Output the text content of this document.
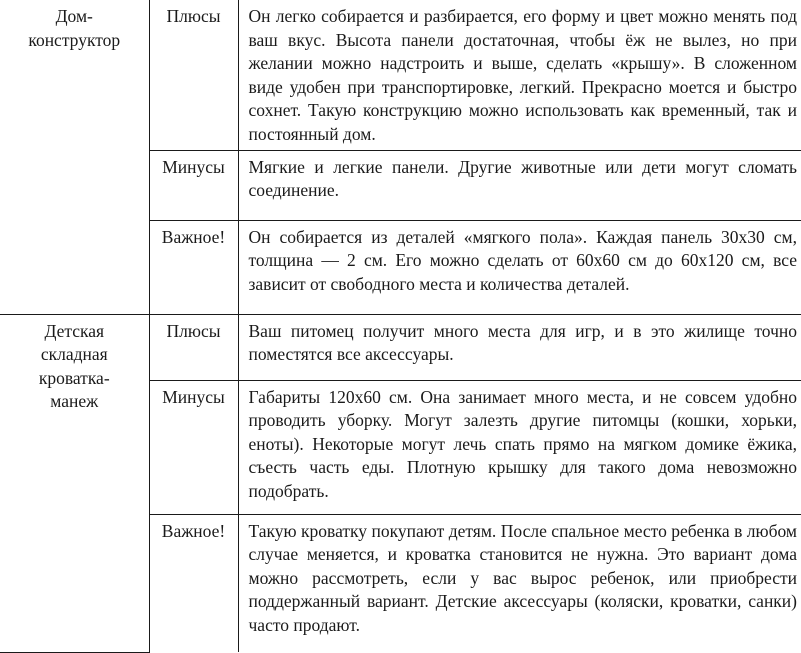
Дом-
конструктор	Плюсы	Он легко собирается и разбирается, его форму и цвет можно менять под ваш вкус. Высота панели достаточная, чтобы ёж не вылез, но при желании можно надстроить и выше, сделать «крышу». В сложенном виде удобен при транспортировке, легкий. Прекрасно моется и быстро сохнет. Такую конструкцию можно использовать как временный, так и постоянный дом.

	Минусы	Мягкие и легкие панели. Другие животные или дети могут сломать соединение.

	Важное!	Он собирается из деталей «мягкого пола». Каждая панель 30x30 см, толщина — 2 см. Его можно сделать от 60x60 см до 60x120 см, все зависит от свободного места и количества деталей.

Детская
складная
кроватка-
манеж	Плюсы	Ваш питомец получит много места для игр, и в это жилище точно поместятся все аксессуары.

	Минусы	Габариты 120x60 см. Она занимает много места, и не совсем удобно проводить уборку. Могут залезть другие питомцы (кошки, хорьки, еноты). Некоторые могут лечь спать прямо на мягком домике ёжика, съесть часть еды. Плотную крышку для такого дома невозможно подобрать.

	Важное!	Такую кроватку покупают детям. После спальное место ребенка в любом случае меняется, и кроватка становится не нужна. Это вариант дома можно рассмотреть, если у вас вырос ребенок, или приобрести поддержанный вариант. Детские аксессуары (коляски, кроватки, санки) часто продают.
